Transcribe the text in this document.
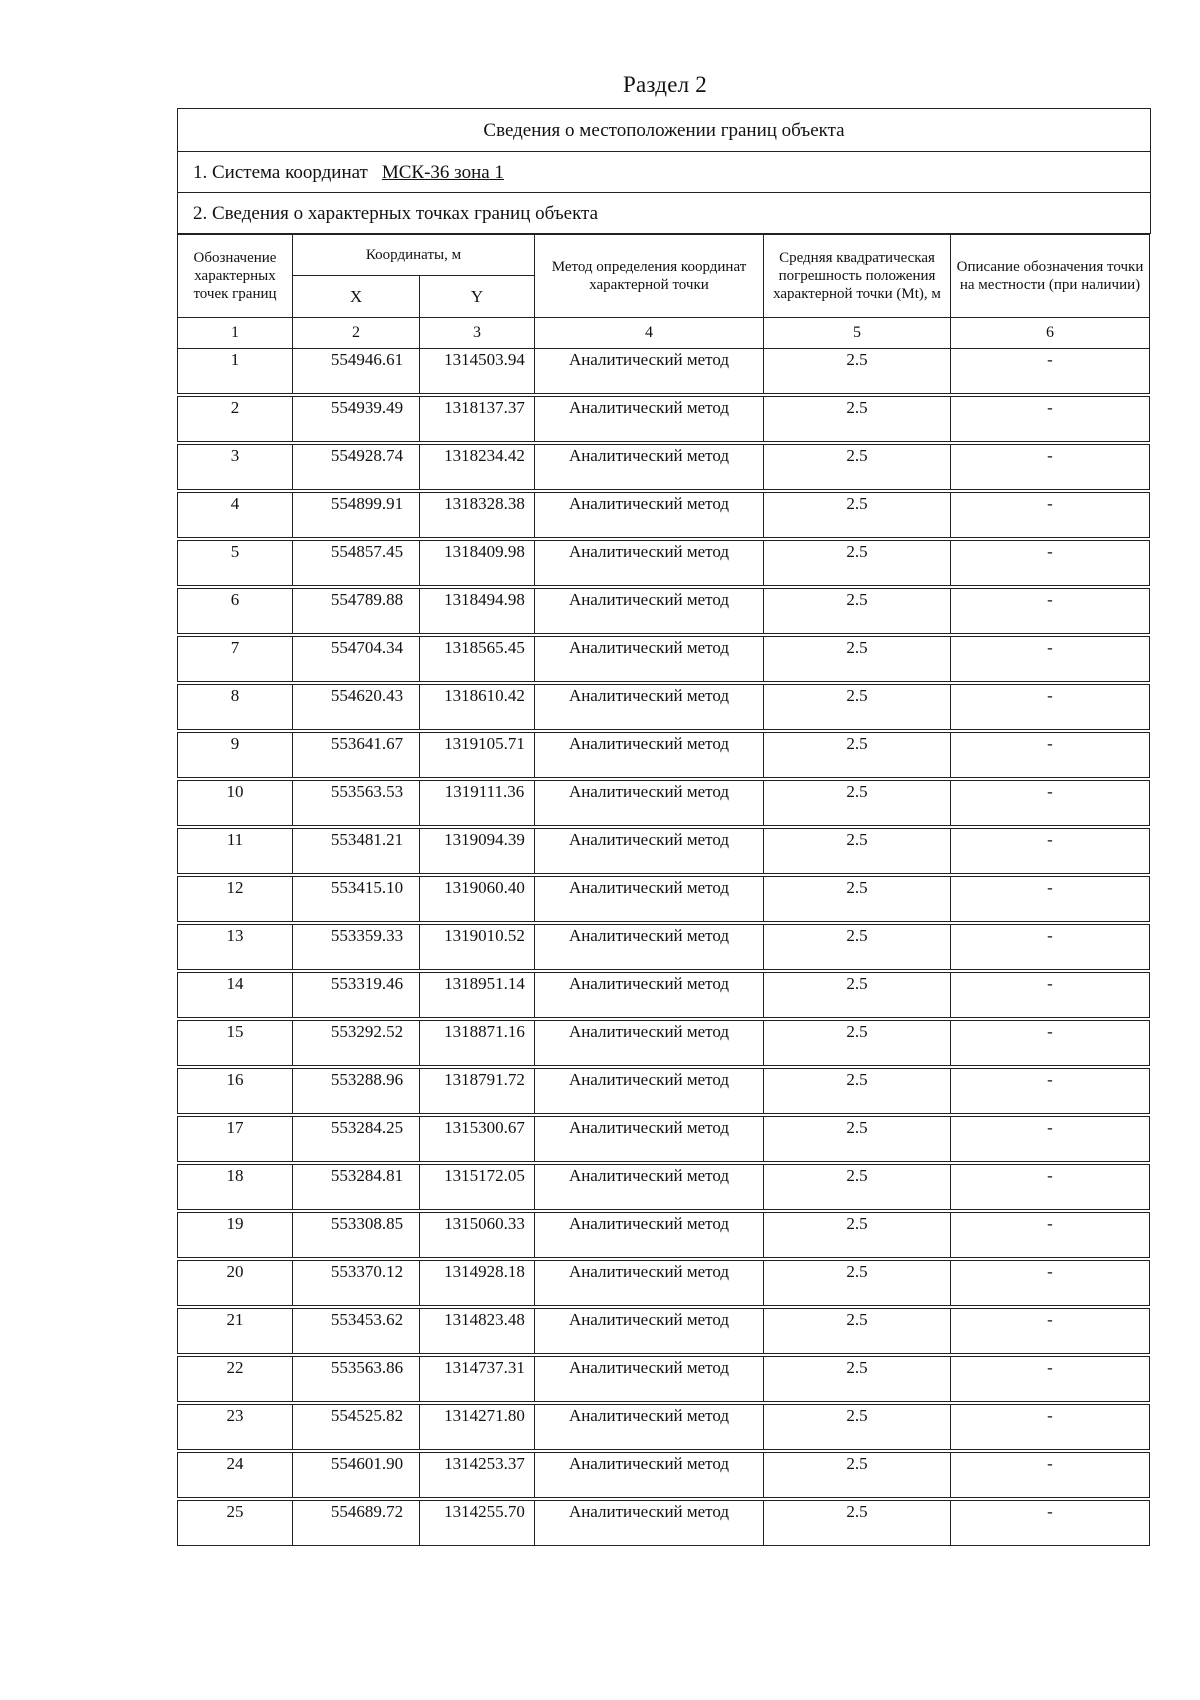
Раздел 2
Сведения о местоположении границ объекта
1. Система координат МСК-36 зона 1
2. Сведения о характерных точках границ объекта
Обозначение характерных точек границ	Координаты, м		Метод определения координат характерной точки	Средняя квадратическая погрешность положения характерной точки (Mt), м	Описание обозначения точки на местности (при наличии)
	X	Y			
1	2	3	4	5	6
1	554946.61	1314503.94	Аналитический метод	2.5	-
2	554939.49	1318137.37	Аналитический метод	2.5	-
3	554928.74	1318234.42	Аналитический метод	2.5	-
4	554899.91	1318328.38	Аналитический метод	2.5	-
5	554857.45	1318409.98	Аналитический метод	2.5	-
6	554789.88	1318494.98	Аналитический метод	2.5	-
7	554704.34	1318565.45	Аналитический метод	2.5	-
8	554620.43	1318610.42	Аналитический метод	2.5	-
9	553641.67	1319105.71	Аналитический метод	2.5	-
10	553563.53	1319111.36	Аналитический метод	2.5	-
11	553481.21	1319094.39	Аналитический метод	2.5	-
12	553415.10	1319060.40	Аналитический метод	2.5	-
13	553359.33	1319010.52	Аналитический метод	2.5	-
14	553319.46	1318951.14	Аналитический метод	2.5	-
15	553292.52	1318871.16	Аналитический метод	2.5	-
16	553288.96	1318791.72	Аналитический метод	2.5	-
17	553284.25	1315300.67	Аналитический метод	2.5	-
18	553284.81	1315172.05	Аналитический метод	2.5	-
19	553308.85	1315060.33	Аналитический метод	2.5	-
20	553370.12	1314928.18	Аналитический метод	2.5	-
21	553453.62	1314823.48	Аналитический метод	2.5	-
22	553563.86	1314737.31	Аналитический метод	2.5	-
23	554525.82	1314271.80	Аналитический метод	2.5	-
24	554601.90	1314253.37	Аналитический метод	2.5	-
25	554689.72	1314255.70	Аналитический метод	2.5	-
